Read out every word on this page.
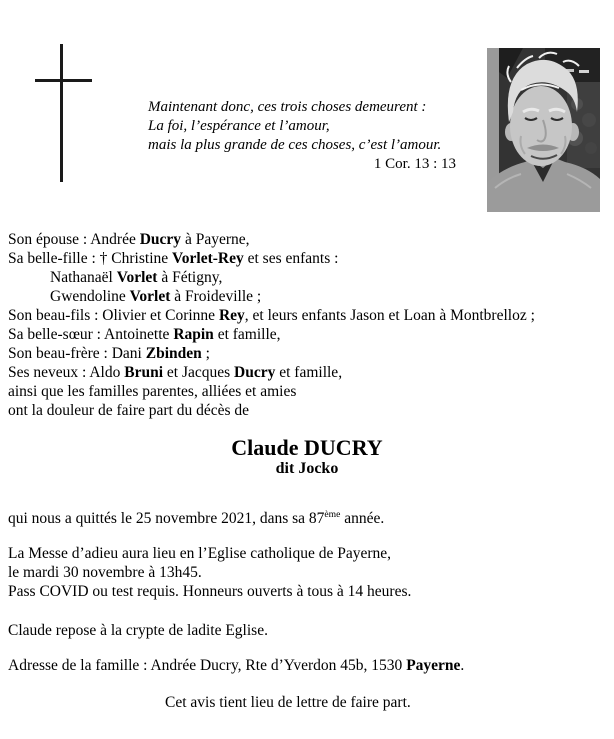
Maintenant donc, ces trois choses demeurent :
La foi, l’espérance et l’amour,
mais la plus grande de ces choses, c’est l’amour.
1 Cor. 13 : 13
Son épouse : Andrée Ducry à Payerne,
Sa belle-fille : † Christine Vorlet-Rey et ses enfants :
Nathanaël Vorlet à Fétigny,
Gwendoline Vorlet à Froideville ;
Son beau-fils : Olivier et Corinne Rey, et leurs enfants Jason et Loan à Montbrelloz ;
Sa belle-sœur : Antoinette Rapin et famille,
Son beau-frère : Dani Zbinden ;
Ses neveux : Aldo Bruni et Jacques Ducry et famille,
ainsi que les familles parentes, alliées et amies
ont la douleur de faire part du décès de
Claude DUCRY
dit Jocko
qui nous a quittés le 25 novembre 2021, dans sa 87ème année.
La Messe d’adieu aura lieu en l’Eglise catholique de Payerne,
le mardi 30 novembre à 13h45.
Pass COVID ou test requis. Honneurs ouverts à tous à 14 heures.
Claude repose à la crypte de ladite Eglise.
Adresse de la famille : Andrée Ducry, Rte d’Yverdon 45b, 1530 Payerne.
Cet avis tient lieu de lettre de faire part.
